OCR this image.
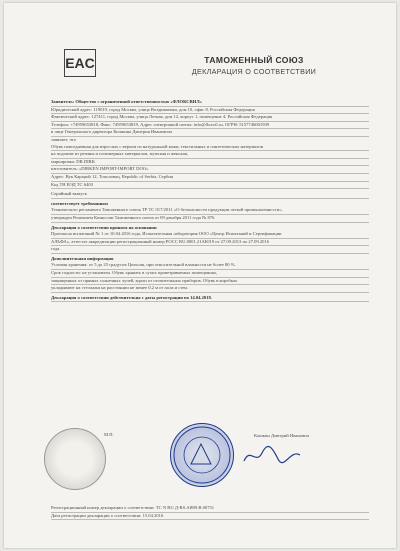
EAC	ТАМОЖЕННЫЙ СОЮЗ
ДЕКЛАРАЦИЯ О СООТВЕТСТВИИ
Заявитель: Общество с ограниченной ответственностью «ФЛОКСВИЛ»
Юридический адрес: 119019, город Москва, улица Воздвиженка, дом 10, офис 8, Российская Федерация
Фактический адрес: 127411, город Москва, улица Летная, дом 12, корпус 1, помещение 4, Российская Федерация
Телефон: +74959653818, Факс: 74959653819, Адрес электронной почты: info@floxvil.ru, ОГРН: 5157746001939
в лице Генерального директора Кошкина Дмитрия Ивановича
заявляет, что
Обувь повседневная для взрослых с верхом из натуральной кожи, текстильных и синтетических материалов
на подошве из резины и полимерных материалов, мужская и женская,
маркировка: DR.DIRK
изготовитель: «DIRKEN IMPORT-IMPORT DOO»
Адрес: Вук Караџић 12, Тополовац, Republic of Serbia, Сербия
Код ТН ВЭД ТС 6403
Серийный выпуск
соответствует требованиям
Технического регламента Таможенного союза ТР ТС 017/2011 «О безопасности продукции легкой промышленности»,
утвержден Решением Комиссии Таможенного союза от 09 декабря 2011 года № 876
Декларация о соответствии принята на основании
Протокола испытаний № 1 от 10.04.2016 года, Испытательная лаборатория ООО «Центр Испытаний и Сертификации
АЛЬФА», аттестат аккредитации регистрационный номер РОСС RU.0001.21АЮ19 от 27.09.2013 по 27.09.2016
года.
Дополнительная информация
Условия хранения: от 5 до 25 градусов Цельсия, при относительной влажности не более 80 %.
Срок годности: не установлен. Обувь хранить в сухих проветриваемых помещениях,
защищенных от прямых солнечных лучей, вдали от отопительных приборов. Обувь в коробках
укладывают на стеллажи на расстоянии не менее 0,2 м от пола и стен.
Декларация о соответствии действительна с даты регистрации по 14.04.2018.
М.П.	Кошкин Дмитрий Иванович
Регистрационный номер декларации о соответствии: ТС N RU Д-RS.АЯ09.В.00751
Дата регистрации декларации о соответствии: 15.04.2016
